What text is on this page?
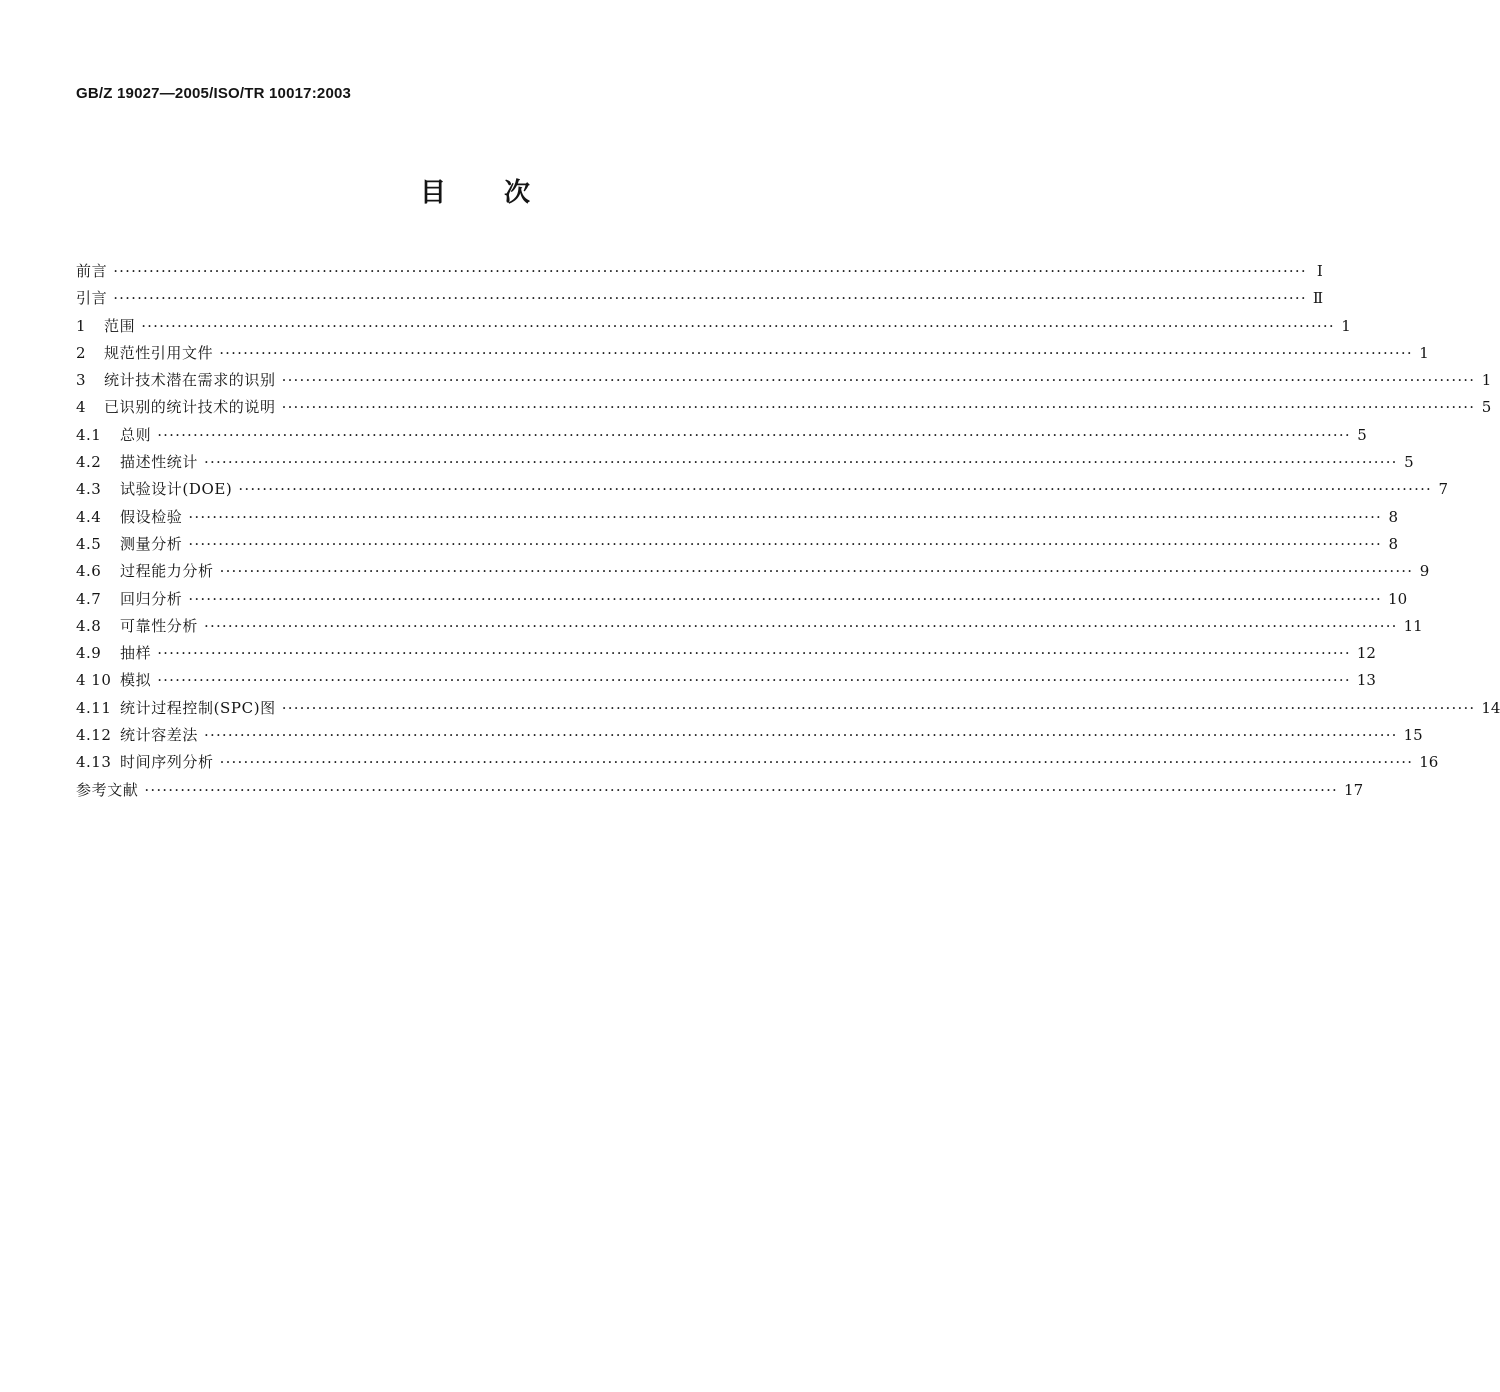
GB/Z 19027—2005/ISO/TR 10017:2003
目 次
前言 ········································································································································································································ Ⅰ
引言 ········································································································································································································ Ⅱ
1	范围 ········································································································································································································ 1
2	规范性引用文件 ········································································································································································································ 1
3	统计技术潜在需求的识别 ········································································································································································································ 1
4	已识别的统计技术的说明 ········································································································································································································ 5
4.1	总则 ········································································································································································································ 5
4.2	描述性统计 ········································································································································································································ 5
4.3	试验设计(DOE) ········································································································································································································ 7
4.4	假设检验 ········································································································································································································ 8
4.5	测量分析 ········································································································································································································ 8
4.6	过程能力分析 ········································································································································································································ 9
4.7	回归分析 ········································································································································································································ 10
4.8	可靠性分析 ········································································································································································································ 11
4.9	抽样 ········································································································································································································ 12
4 10 模拟 ········································································································································································································ 13
4.11 统计过程控制(SPC)图 ········································································································································································································ 14
4.12 统计容差法 ········································································································································································································ 15
4.13 时间序列分析 ········································································································································································································ 16
参考文献 ········································································································································································································ 17
